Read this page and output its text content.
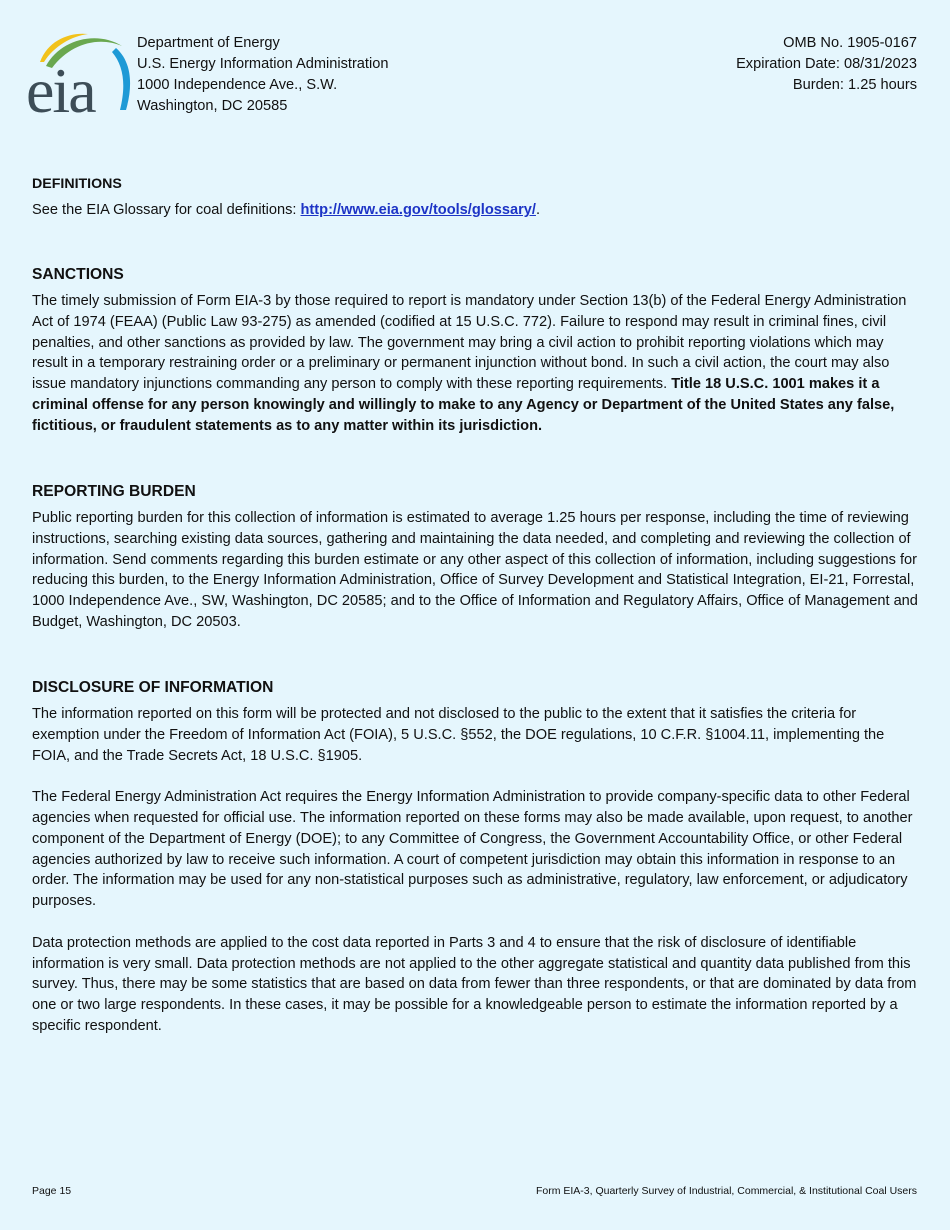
eia
Department of Energy
U.S. Energy Information Administration
1000 Independence Ave., S.W.
Washington, DC 20585
OMB No. 1905-0167
Expiration Date: 08/31/2023
Burden: 1.25 hours
DEFINITIONS

See the EIA Glossary for coal definitions: http://www.eia.gov/tools/glossary/.

SANCTIONS

The timely submission of Form EIA-3 by those required to report is mandatory under Section 13(b) of the Federal Energy Administration Act of 1974 (FEAA) (Public Law 93-275) as amended (codified at 15 U.S.C. 772). Failure to respond may result in criminal fines, civil penalties, and other sanctions as provided by law. The government may bring a civil action to prohibit reporting violations which may result in a temporary restraining order or a preliminary or permanent injunction without bond. In such a civil action, the court may also issue mandatory injunctions commanding any person to comply with these reporting requirements. Title 18 U.S.C. 1001 makes it a criminal offense for any person knowingly and willingly to make to any Agency or Department of the United States any false, fictitious, or fraudulent statements as to any matter within its jurisdiction.

REPORTING BURDEN

Public reporting burden for this collection of information is estimated to average 1.25 hours per response, including the time of reviewing instructions, searching existing data sources, gathering and maintaining the data needed, and completing and reviewing the collection of information. Send comments regarding this burden estimate or any other aspect of this collection of information, including suggestions for reducing this burden, to the Energy Information Administration, Office of Survey Development and Statistical Integration, EI-21, Forrestal, 1000 Independence Ave., SW, Washington, DC 20585; and to the Office of Information and Regulatory Affairs, Office of Management and Budget, Washington, DC 20503.

DISCLOSURE OF INFORMATION

The information reported on this form will be protected and not disclosed to the public to the extent that it satisfies the criteria for exemption under the Freedom of Information Act (FOIA), 5 U.S.C. §552, the DOE regulations, 10 C.F.R. §1004.11, implementing the FOIA, and the Trade Secrets Act, 18 U.S.C. §1905.

The Federal Energy Administration Act requires the Energy Information Administration to provide company-specific data to other Federal agencies when requested for official use. The information reported on these forms may also be made available, upon request, to another component of the Department of Energy (DOE); to any Committee of Congress, the Government Accountability Office, or other Federal agencies authorized by law to receive such information. A court of competent jurisdiction may obtain this information in response to an order. The information may be used for any non-statistical purposes such as administrative, regulatory, law enforcement, or adjudicatory purposes.

Data protection methods are applied to the cost data reported in Parts 3 and 4 to ensure that the risk of disclosure of identifiable information is very small. Data protection methods are not applied to the other aggregate statistical and quantity data published from this survey. Thus, there may be some statistics that are based on data from fewer than three respondents, or that are dominated by data from one or two large respondents. In these cases, it may be possible for a knowledgeable person to estimate the information reported by a specific respondent.

Page 15	Form EIA-3, Quarterly Survey of Industrial, Commercial, & Institutional Coal Users
